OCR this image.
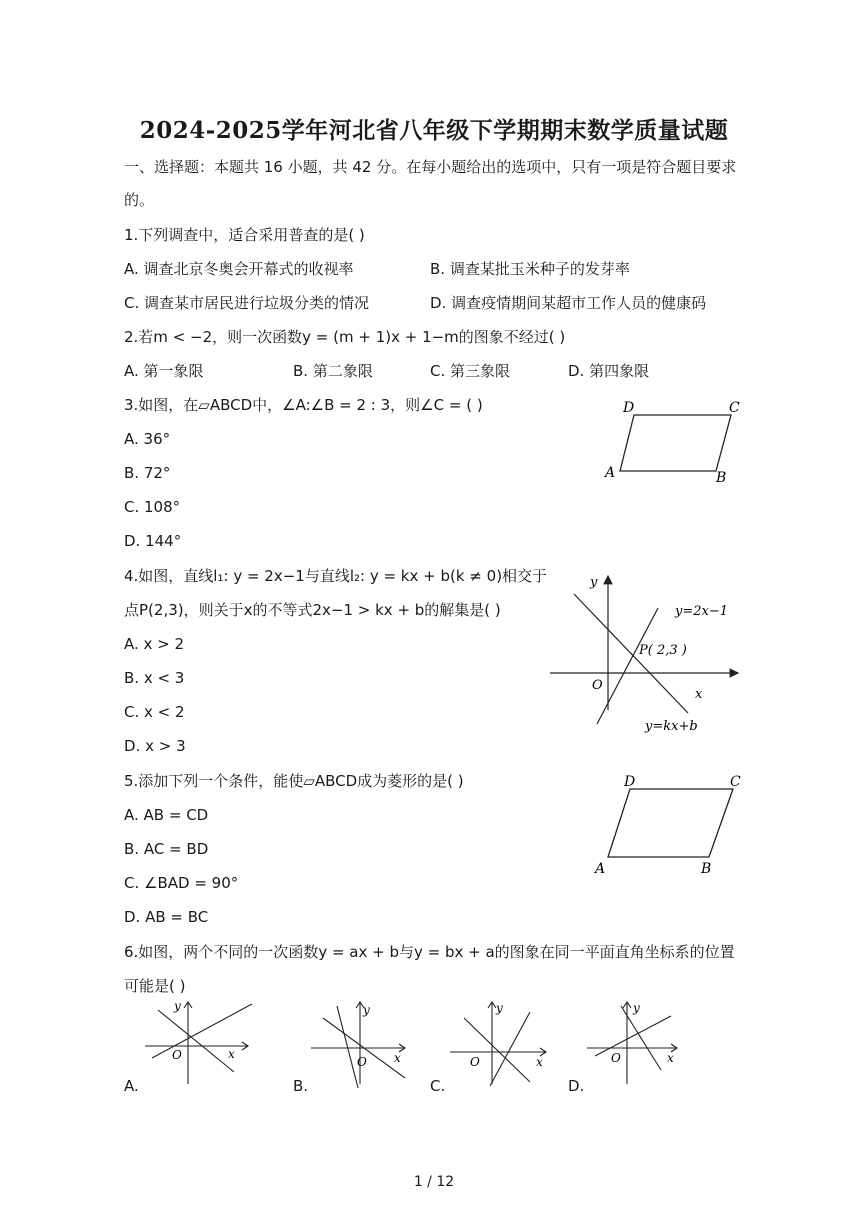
2024-2025学年河北省八年级下学期期末数学质量试题
一、选择题：本题共 16 小题，共 42 分。在每小题给出的选项中，只有一项是符合题目要求
的。
1.下列调查中，适合采用普查的是( )
A. 调查北京冬奥会开幕式的收视率	B. 调查某批玉米种子的发芽率
C. 调查某市居民进行垃圾分类的情况	D. 调查疫情期间某超市工作人员的健康码
2.若m < −2，则一次函数y = (m + 1)x + 1−m的图象不经过( )
A. 第一象限	B. 第二象限	C. 第三象限	D. 第四象限
3.如图，在▱ABCD中，∠A:∠B = 2 : 3，则∠C = ( )
A. 36°
B. 72°
C. 108°
D. 144°
D	C
A	B
4.如图，直线l₁: y = 2x−1与直线l₂: y = kx + b(k ≠ 0)相交于
点P(2,3)，则关于x的不等式2x−1 > kx + b的解集是( )
A. x > 2
B. x < 3
C. x < 2
D. x > 3
y
x
O
y=2x−1
P( 2,3 )
y=kx+b
5.添加下列一个条件，能使▱ABCD成为菱形的是( )
A. AB = CD
B. AC = BD
C. ∠BAD = 90°
D. AB = BC
D	C
A	B
6.如图，两个不同的一次函数y = ax + b与y = bx + a的图象在同一平面直角坐标系的位置
可能是( )
A.	B.	C.	D.
y
x
O
y
x
O
y
x
O
y
x
O
1 / 12
